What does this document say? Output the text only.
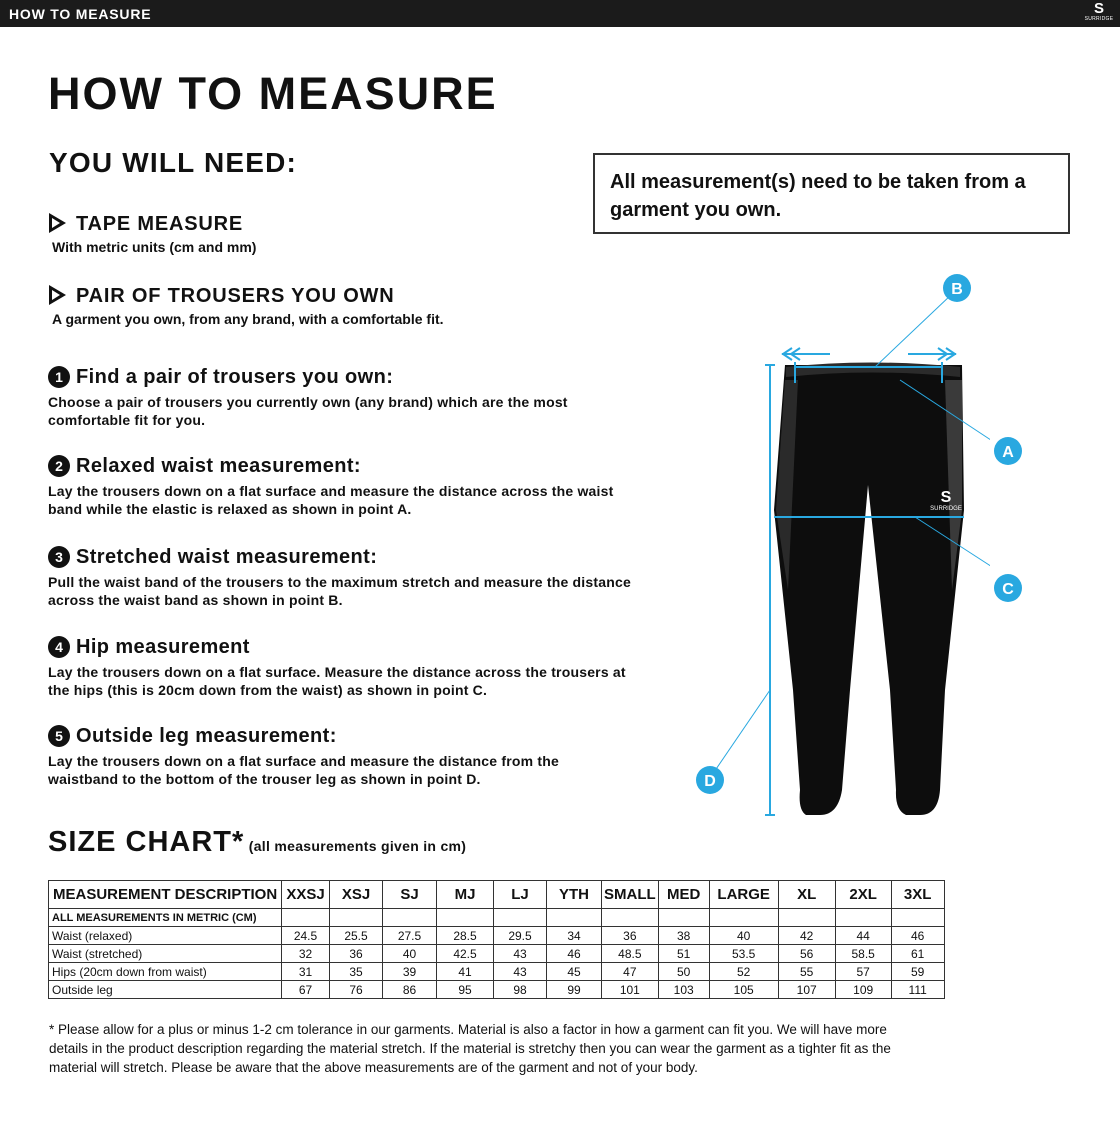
HOW TO MEASURE	S
SURRIDGE
HOW TO MEASURE
YOU WILL NEED:
All measurement(s) need to be taken from a garment you own.
TAPE MEASURE
With metric units (cm and mm)
PAIR OF TROUSERS YOU OWN
A garment you own, from any brand, with a comfortable fit.
1 Find a pair of trousers you own:
Choose a pair of trousers you currently own (any brand) which are the most comfortable fit for you.
2 Relaxed waist measurement:
Lay the trousers down on a flat surface and measure the distance across the waist band while the elastic is relaxed as shown in point A.
3 Stretched waist measurement:
Pull the waist band of the trousers to the maximum stretch and measure the distance across the waist band as shown in point B.
4 Hip measurement
Lay the trousers down on a flat surface. Measure the distance across the trousers at the hips (this is 20cm down from the waist) as shown in point C.
5 Outside leg measurement:
Lay the trousers down on a flat surface and measure the distance from the waistband to the bottom of the trouser leg as shown in point D.
S
SURRIDGE
B
D
A
C
SIZE CHART* (all measurements given in cm)
MEASUREMENT DESCRIPTION	XXSJ	XSJ	SJ	MJ	LJ	YTH	SMALL	MED	LARGE	XL	2XL	3XL
ALL MEASUREMENTS IN METRIC (CM)												
Waist (relaxed)	24.5	25.5	27.5	28.5	29.5	34	36	38	40	42	44	46
Waist (stretched)	32	36	40	42.5	43	46	48.5	51	53.5	56	58.5	61
Hips (20cm down from waist)	31	35	39	41	43	45	47	50	52	55	57	59
Outside leg	67	76	86	95	98	99	101	103	105	107	109	111
* Please allow for a plus or minus 1-2 cm tolerance in our garments. Material is also a factor in how a garment can fit you. We will have more details in the product description regarding the material stretch. If the material is stretchy then you can wear the garment as a tighter fit as the material will stretch. Please be aware that the above measurements are of the garment and not of your body.
